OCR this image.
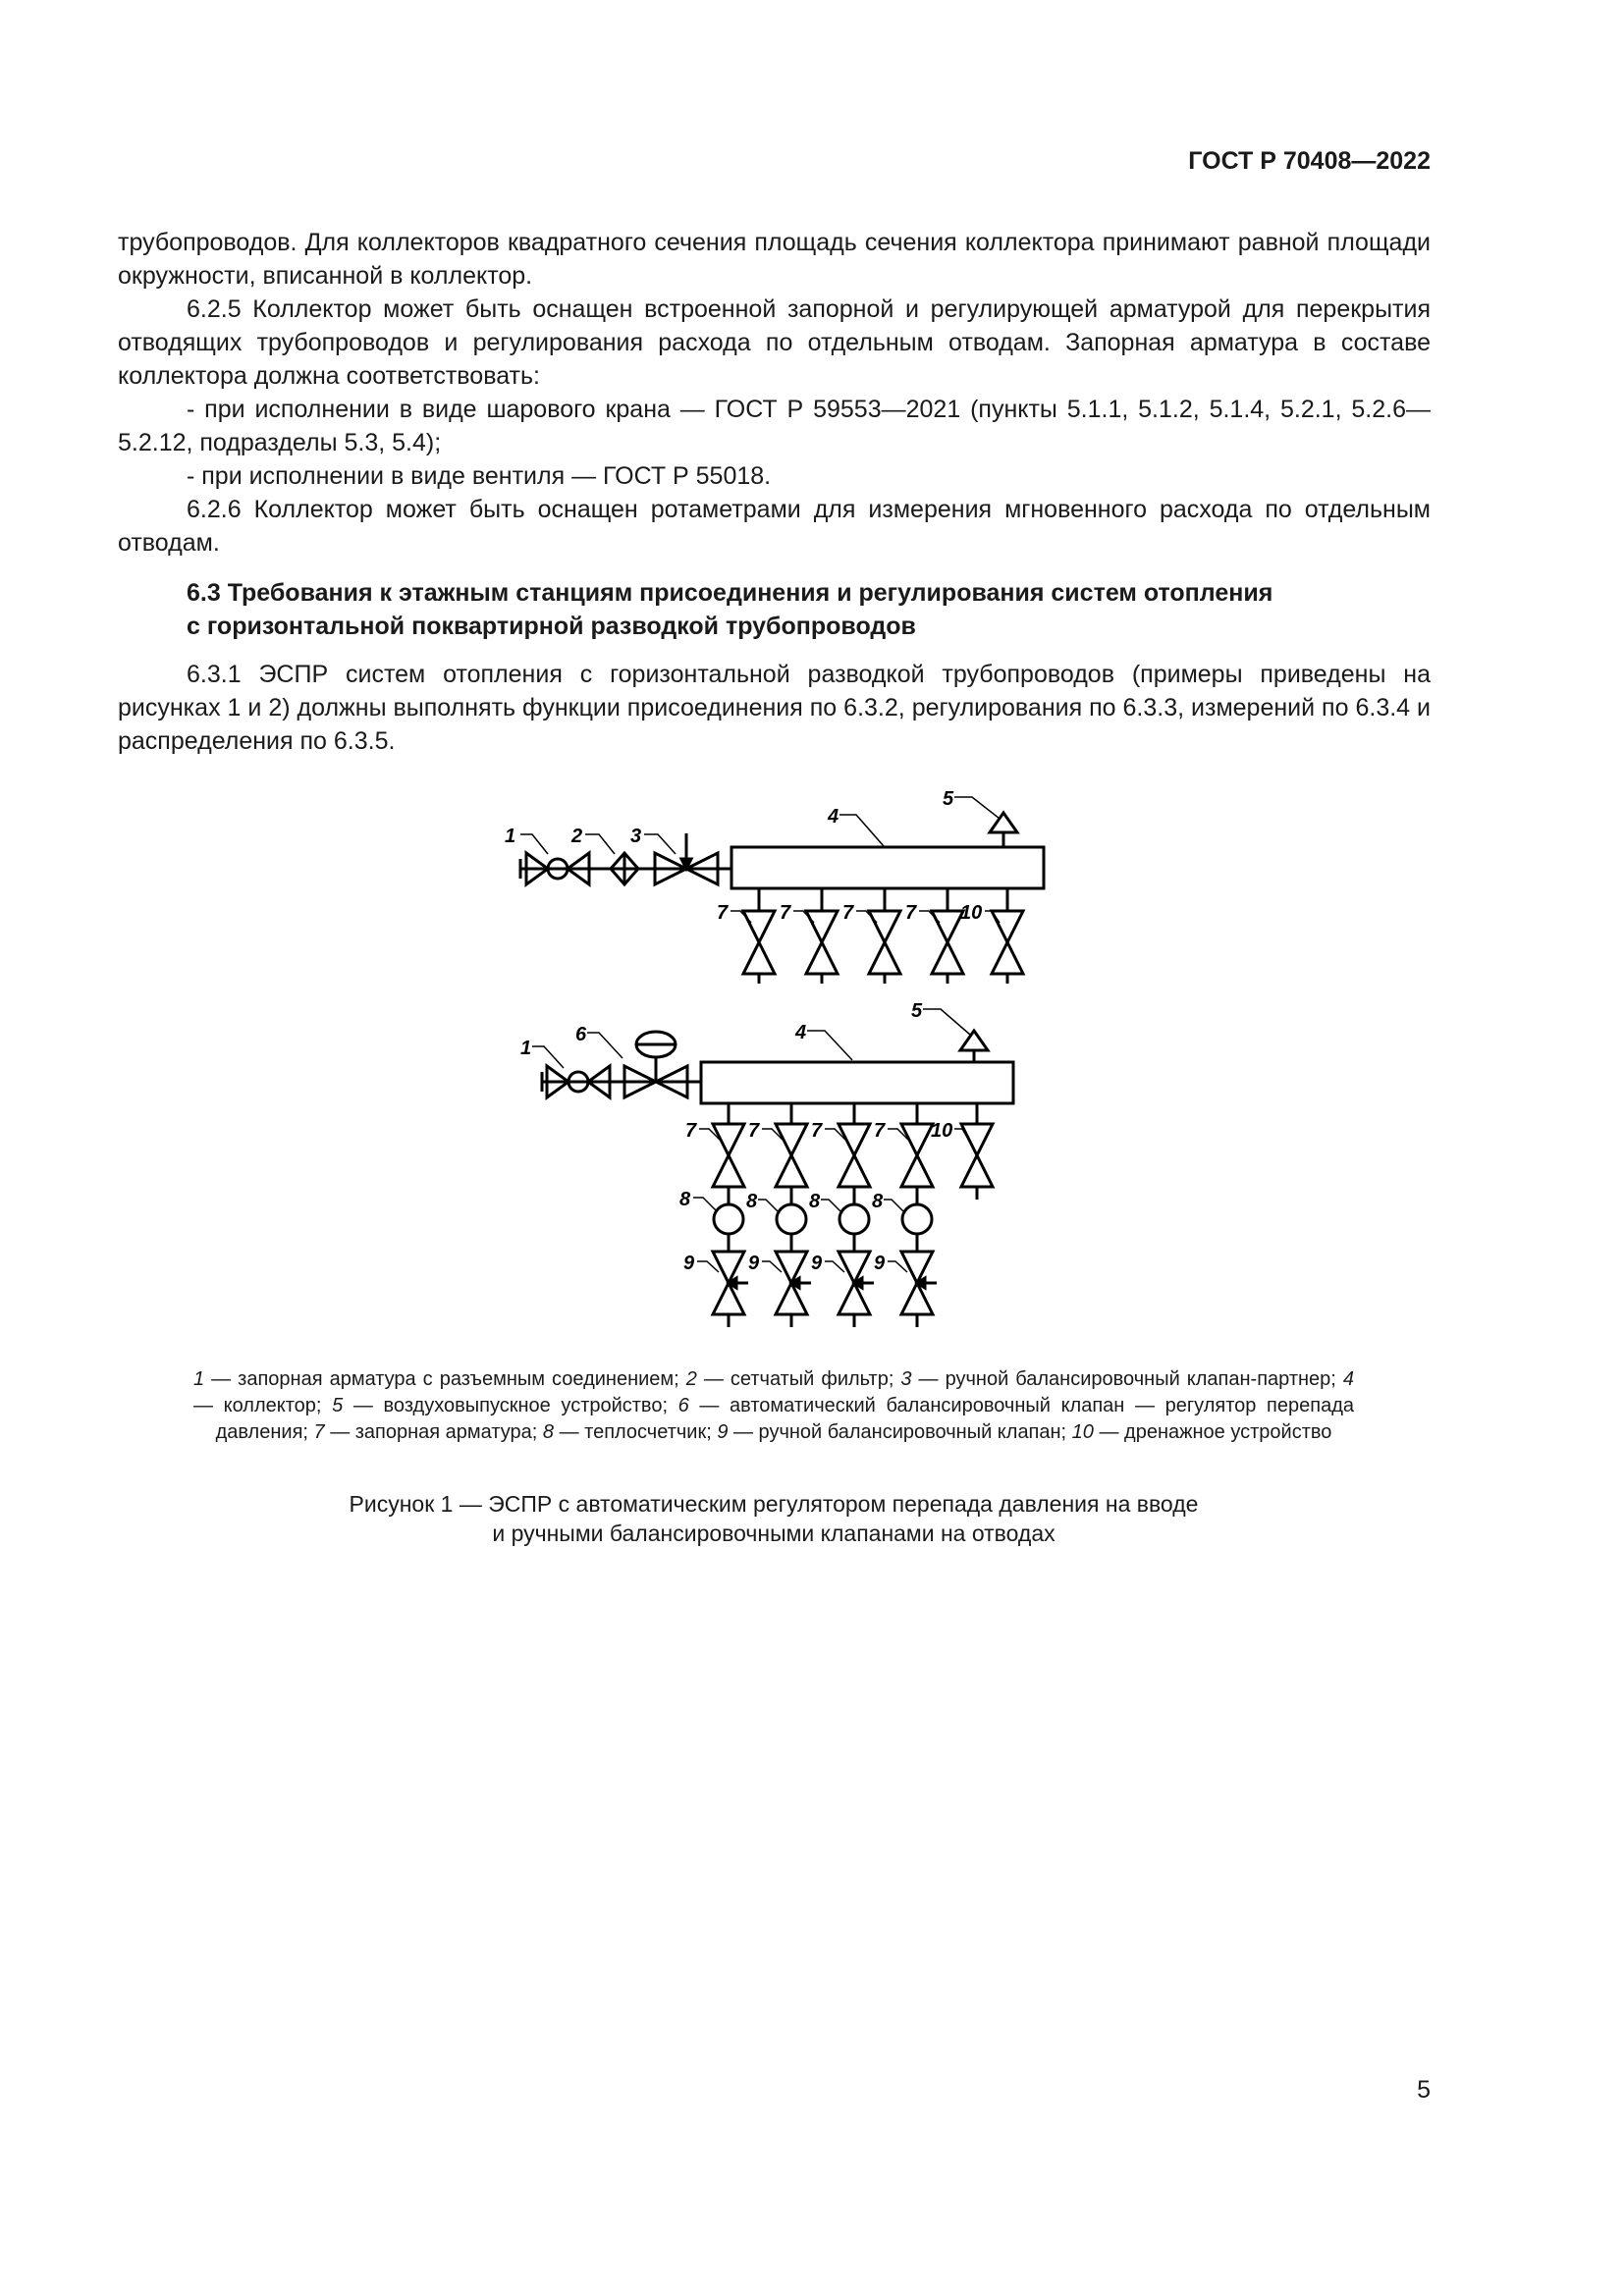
ГОСТ Р 70408—2022

трубопроводов. Для коллекторов квадратного сечения площадь сечения коллектора принимают равной площади окружности, вписанной в коллектор.

6.2.5 Коллектор может быть оснащен встроенной запорной и регулирующей арматурой для перекрытия отводящих трубопроводов и регулирования расхода по отдельным отводам. Запорная арматура в составе коллектора должна соответствовать:

- при исполнении в виде шарового крана — ГОСТ Р 59553—2021 (пункты 5.1.1, 5.1.2, 5.1.4, 5.2.1, 5.2.6—5.2.12, подразделы 5.3, 5.4);

- при исполнении в виде вентиля — ГОСТ Р 55018.

6.2.6 Коллектор может быть оснащен ротаметрами для измерения мгновенного расхода по отдельным отводам.

6.3 Требования к этажным станциям присоединения и регулирования систем отопления
с горизонтальной поквартирной разводкой трубопроводов

6.3.1 ЭСПР систем отопления с горизонтальной разводкой трубопроводов (примеры приведены на рисунках 1 и 2) должны выполнять функции присоединения по 6.3.2, регулирования по 6.3.3, измерений по 6.3.4 и распределения по 6.3.5.

1	2 3
4
5
7	7	7	7 10
1
6	4
5
7	7	7	7 10
8	8	8	8
9	9	9	9

1 — запорная арматура с разъемным соединением; 2 — сетчатый фильтр; 3 — ручной балансировочный клапан-партнер; 4 — коллектор; 5 — воздуховыпускное устройство; 6 — автоматический балансировочный клапан — регулятор перепада давления; 7 — запорная арматура; 8 — теплосчетчик; 9 — ручной балансировочный клапан; 10 — дренажное устройство

Рисунок 1 — ЭСПР с автоматическим регулятором перепада давления на вводе
и ручными балансировочными клапанами на отводах
5
